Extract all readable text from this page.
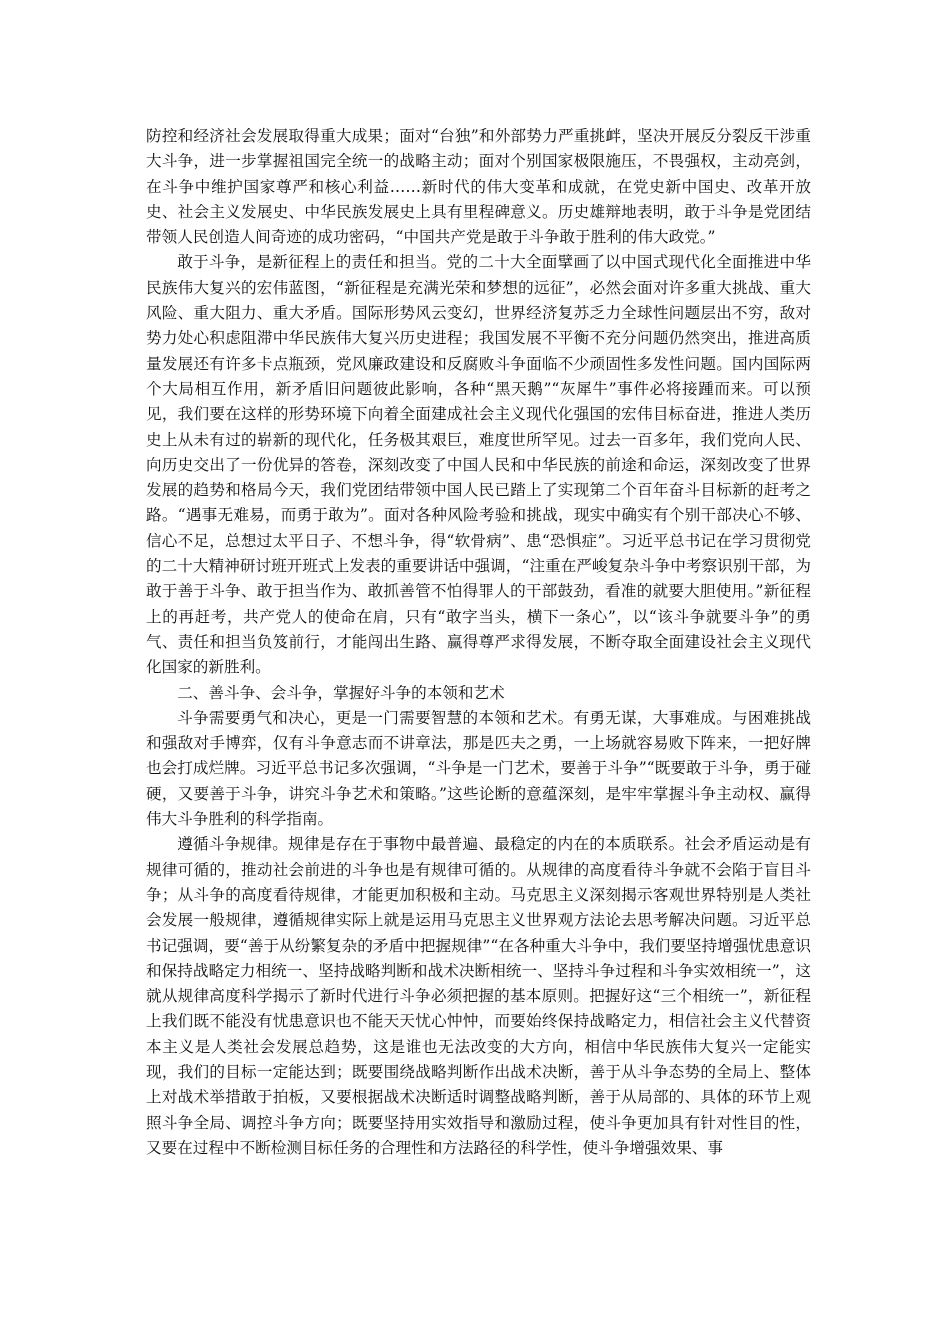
防控和经济社会发展取得重大成果；面对“台独”和外部势力严重挑衅，坚决开展反分裂反干涉重大斗争，进一步掌握祖国完全统一的战略主动；面对个别国家极限施压，不畏强权，主动亮剑，在斗争中维护国家尊严和核心利益……新时代的伟大变革和成就，在党史新中国史、改革开放史、社会主义发展史、中华民族发展史上具有里程碑意义。历史雄辩地表明，敢于斗争是党团结带领人民创造人间奇迹的成功密码，“中国共产党是敢于斗争敢于胜利的伟大政党。”

敢于斗争，是新征程上的责任和担当。党的二十大全面擘画了以中国式现代化全面推进中华民族伟大复兴的宏伟蓝图，“新征程是充满光荣和梦想的远征”，必然会面对许多重大挑战、重大风险、重大阻力、重大矛盾。国际形势风云变幻，世界经济复苏乏力全球性问题层出不穷，敌对势力处心积虑阻滞中华民族伟大复兴历史进程；我国发展不平衡不充分问题仍然突出，推进高质量发展还有许多卡点瓶颈，党风廉政建设和反腐败斗争面临不少顽固性多发性问题。国内国际两个大局相互作用，新矛盾旧问题彼此影响，各种“黑天鹅”“灰犀牛”事件必将接踵而来。可以预见，我们要在这样的形势环境下向着全面建成社会主义现代化强国的宏伟目标奋进，推进人类历史上从未有过的崭新的现代化，任务极其艰巨，难度世所罕见。过去一百多年，我们党向人民、向历史交出了一份优异的答卷，深刻改变了中国人民和中华民族的前途和命运，深刻改变了世界发展的趋势和格局今天，我们党团结带领中国人民已踏上了实现第二个百年奋斗目标新的赶考之路。“遇事无难易，而勇于敢为”。面对各种风险考验和挑战，现实中确实有个别干部决心不够、信心不足，总想过太平日子、不想斗争，得“软骨病”、患“恐惧症”。习近平总书记在学习贯彻党的二十大精神研讨班开班式上发表的重要讲话中强调，“注重在严峻复杂斗争中考察识别干部，为敢于善于斗争、敢于担当作为、敢抓善管不怕得罪人的干部鼓劲，看准的就要大胆使用。”新征程上的再赶考，共产党人的使命在肩，只有“敢字当头，横下一条心”，以“该斗争就要斗争”的勇气、责任和担当负笈前行，才能闯出生路、赢得尊严求得发展，不断夺取全面建设社会主义现代化国家的新胜利。

二、善斗争、会斗争，掌握好斗争的本领和艺术

斗争需要勇气和决心，更是一门需要智慧的本领和艺术。有勇无谋，大事难成。与困难挑战和强敌对手博弈，仅有斗争意志而不讲章法，那是匹夫之勇，一上场就容易败下阵来，一把好牌也会打成烂牌。习近平总书记多次强调，“斗争是一门艺术，要善于斗争”“既要敢于斗争，勇于碰硬，又要善于斗争，讲究斗争艺术和策略。”这些论断的意蕴深刻，是牢牢掌握斗争主动权、赢得伟大斗争胜利的科学指南。

遵循斗争规律。规律是存在于事物中最普遍、最稳定的内在的本质联系。社会矛盾运动是有规律可循的，推动社会前进的斗争也是有规律可循的。从规律的高度看待斗争就不会陷于盲目斗争；从斗争的高度看待规律，才能更加积极和主动。马克思主义深刻揭示客观世界特别是人类社会发展一般规律，遵循规律实际上就是运用马克思主义世界观方法论去思考解决问题。习近平总书记强调，要“善于从纷繁复杂的矛盾中把握规律”“在各种重大斗争中，我们要坚持增强忧患意识和保持战略定力相统一、坚持战略判断和战术决断相统一、坚持斗争过程和斗争实效相统一”，这就从规律高度科学揭示了新时代进行斗争必须把握的基本原则。把握好这“三个相统一”，新征程上我们既不能没有忧患意识也不能天天忧心忡忡，而要始终保持战略定力，相信社会主义代替资本主义是人类社会发展总趋势，这是谁也无法改变的大方向，相信中华民族伟大复兴一定能实现，我们的目标一定能达到；既要围绕战略判断作出战术决断，善于从斗争态势的全局上、整体上对战术举措敢于拍板，又要根据战术决断适时调整战略判断，善于从局部的、具体的环节上观照斗争全局、调控斗争方向；既要坚持用实效指导和激励过程，使斗争更加具有针对性目的性，又要在过程中不断检测目标任务的合理性和方法路径的科学性，使斗争增强效果、事
